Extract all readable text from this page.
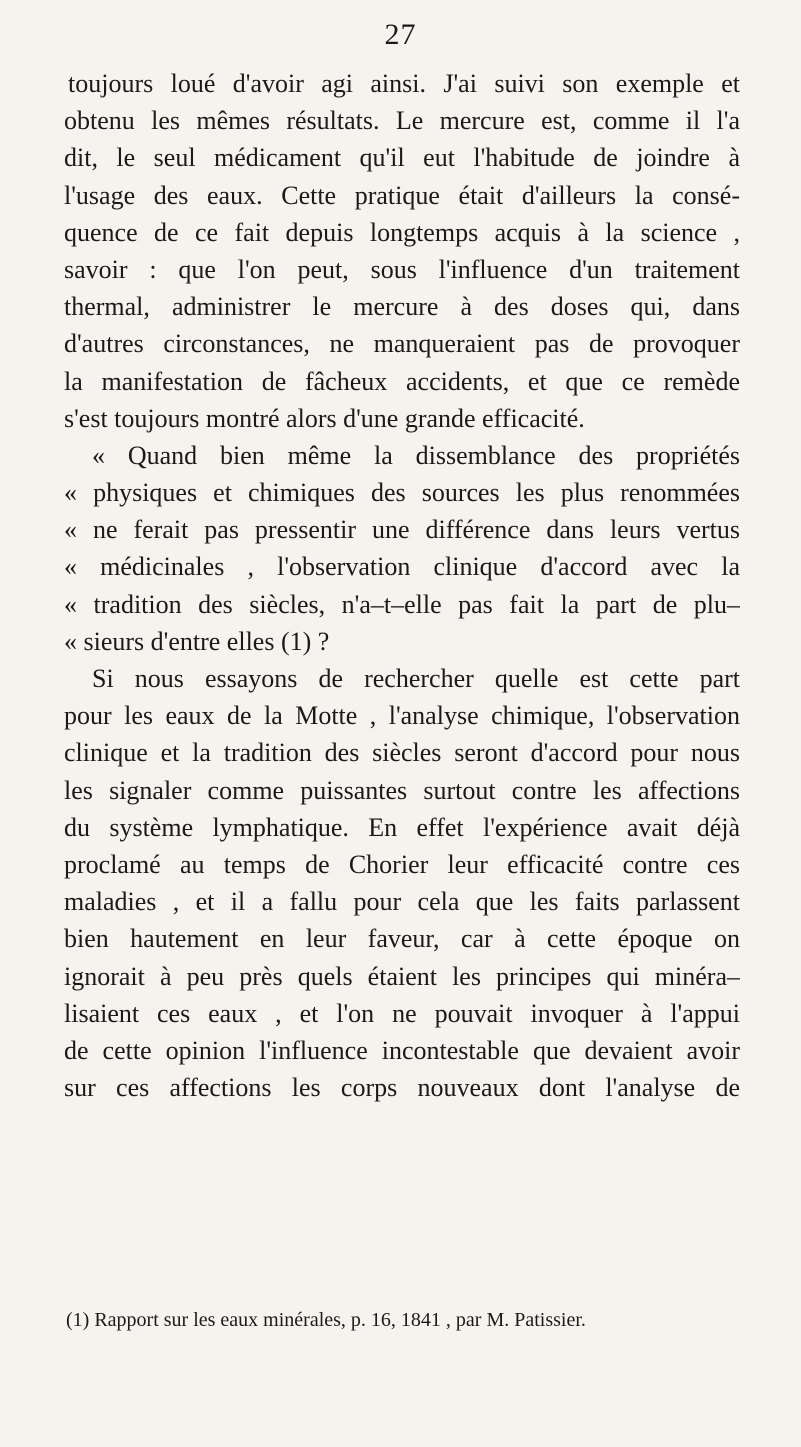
27
toujours loué d'avoir agi ainsi. J'ai suivi son exemple et
obtenu les mêmes résultats. Le mercure est, comme il l'a
dit, le seul médicament qu'il eut l'habitude de joindre à
l'usage des eaux. Cette pratique était d'ailleurs la consé-
quence de ce fait depuis longtemps acquis à la science ,
savoir : que l'on peut, sous l'influence d'un traitement
thermal, administrer le mercure à des doses qui, dans
d'autres circonstances, ne manqueraient pas de provoquer
la manifestation de fâcheux accidents, et que ce remède
s'est toujours montré alors d'une grande efficacité.
« Quand bien même la dissemblance des propriétés
« physiques et chimiques des sources les plus renommées
« ne ferait pas pressentir une différence dans leurs vertus
« médicinales , l'observation clinique d'accord avec la
« tradition des siècles, n'a–t–elle pas fait la part de plu–
« sieurs d'entre elles (1) ?
Si nous essayons de rechercher quelle est cette part
pour les eaux de la Motte , l'analyse chimique, l'observation
clinique et la tradition des siècles seront d'accord pour nous
les signaler comme puissantes surtout contre les affections
du système lymphatique. En effet l'expérience avait déjà
proclamé au temps de Chorier leur efficacité contre ces
maladies , et il a fallu pour cela que les faits parlassent
bien hautement en leur faveur, car à cette époque on
ignorait à peu près quels étaient les principes qui minéra–
lisaient ces eaux , et l'on ne pouvait invoquer à l'appui
de cette opinion l'influence incontestable que devaient avoir
sur ces affections les corps nouveaux dont l'analyse de
(1) Rapport sur les eaux minérales, p. 16, 1841 , par M. Patissier.
